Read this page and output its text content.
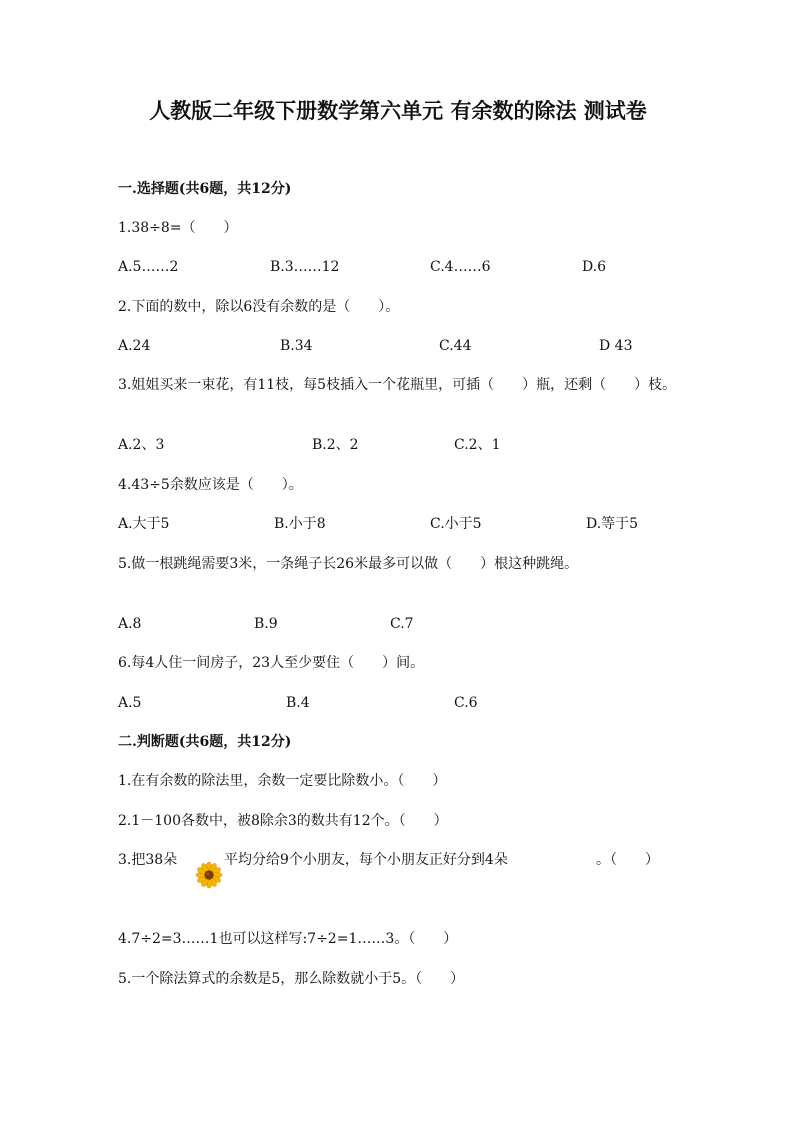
人教版二年级下册数学第六单元 有余数的除法 测试卷
一.选择题(共6题，共12分)
1.38÷8=（　　）
A.5……2	B.3……12	C.4……6	D.6
2.下面的数中，除以6没有余数的是（　　）。
A.24	B.34	C.44	D 43
3.姐姐买来一束花，有11枝，每5枝插入一个花瓶里，可插（　　）瓶，还剩（　　）枝。
A.2、3	B.2、2	C.2、1
4.43÷5余数应该是（　　）。
A.大于5	B.小于8	C.小于5	D.等于5
5.做一根跳绳需要3米，一条绳子长26米最多可以做（　　）根这种跳绳。
A.8	B.9	C.7
6.每4人住一间房子，23人至少要住（　　）间。
A.5	B.4	C.6
二.判断题(共6题，共12分)
1.在有余数的除法里，余数一定要比除数小。（　　）
2.1－100各数中，被8除余3的数共有12个。（　　）
3.把38朵	平均分给9个小朋友，每个小朋友正好分到4朵	。（　　）
4.7÷2=3……1也可以这样写:7÷2=1……3。（　　）
5.一个除法算式的余数是5，那么除数就小于5。（　　）
